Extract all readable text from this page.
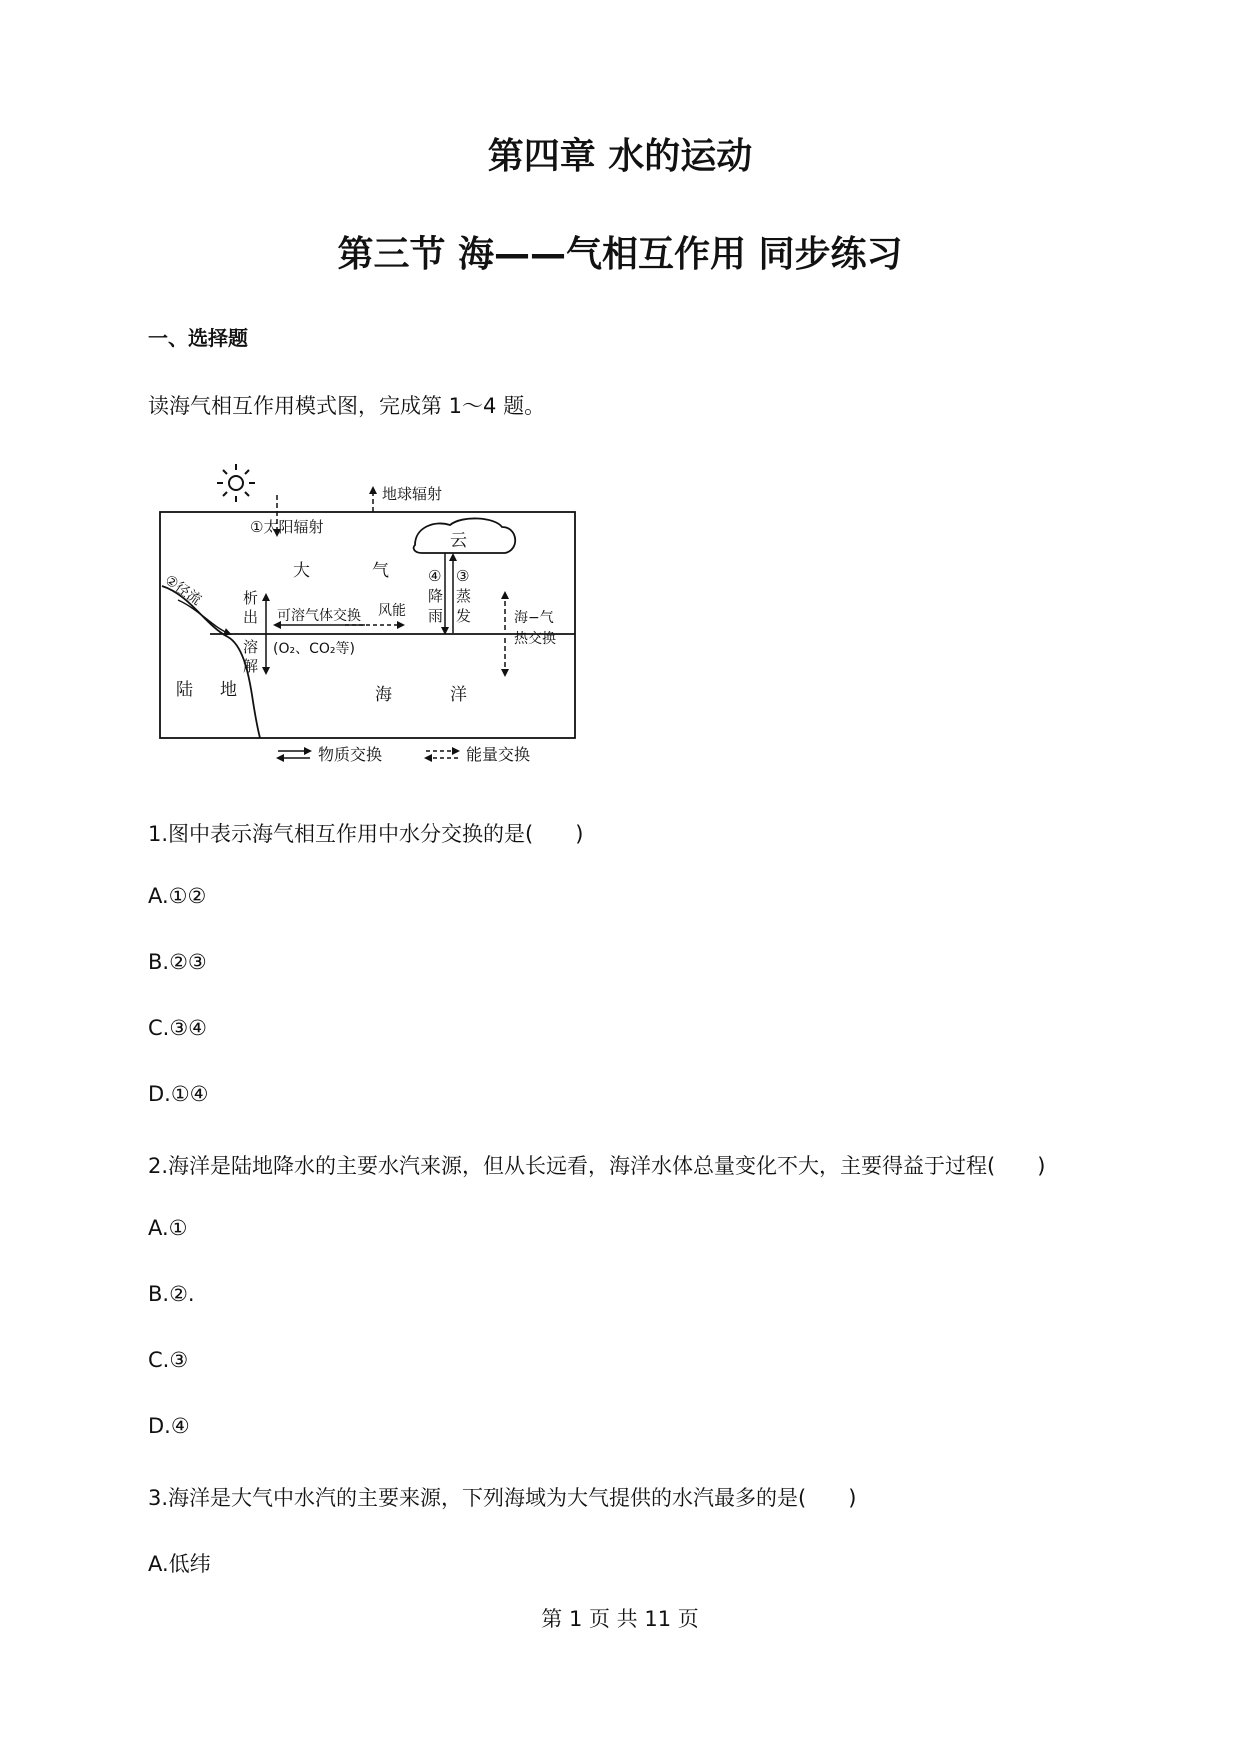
第四章 水的运动
第三节 海——气相互作用 同步练习
一、选择题
读海气相互作用模式图，完成第 1～4 题。
地球辐射
①太阳辐射
云
大	气
②径流	④
降
雨
③
蒸
发
析
出
溶
解
可溶气体交换
(O₂、CO₂等)
风能	海−气
热交换
陆 地	海	洋
物质交换	能量交换
1.图中表示海气相互作用中水分交换的是(　　)
A.①②
B.②③
C.③④
D.①④
2.海洋是陆地降水的主要水汽来源，但从长远看，海洋水体总量变化不大，主要得益于过程(　　)
A.①
B.②.
C.③
D.④
3.海洋是大气中水汽的主要来源，下列海域为大气提供的水汽最多的是(　　)
A.低纬
第 1 页 共 11 页
